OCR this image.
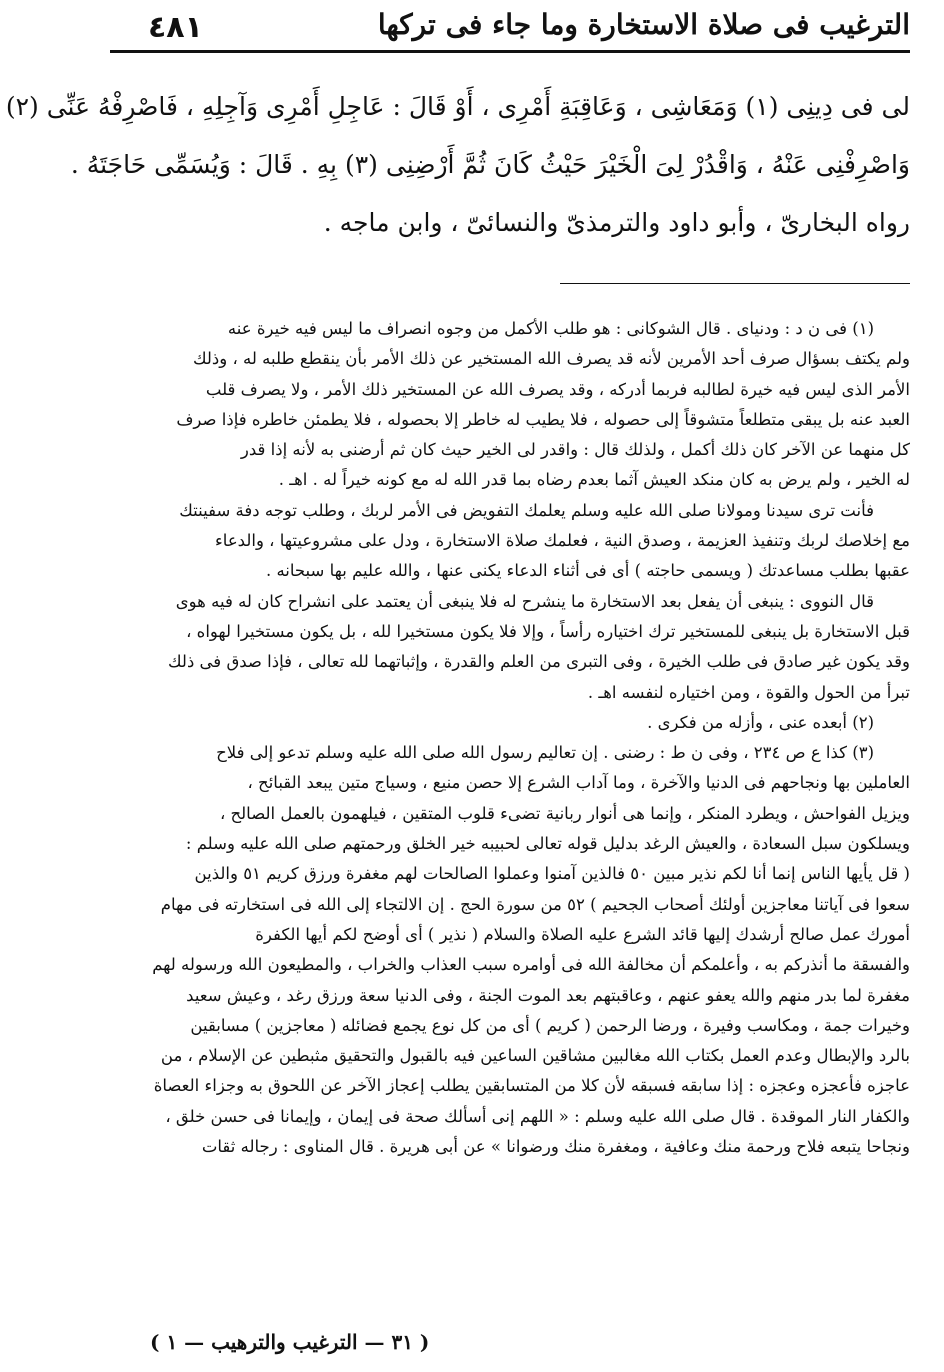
٤٨١	الترغيب فى صلاة الاستخارة وما جاء فى تركها
لى فى دِينِى (١) وَمَعَاشِى ، وَعَاقِبَةِ أَمْرِى ، أَوْ قَالَ : عَاجِلِ أَمْرِى وَآجِلِهِ ، فَاصْرِفْهُ عَنِّى (٢)
وَاصْرِفْنِى عَنْهُ ، وَاقْدُرْ لِىَ الْخَيْرَ حَيْثُ كَانَ ثُمَّ أَرْضِنِى (٣) بِهِ . قَالَ : وَيُسَمِّى حَاجَتَهُ .
رواه البخارىّ ، وأبو داود والترمذىّ والنسائىّ ، وابن ماجه .
(١) فى ن د : ودنياى . قال الشوكانى : هو طلب الأكمل من وجوه انصراف ما ليس فيه خيرة عنه
ولم يكتف بسؤال صرف أحد الأمرين لأنه قد يصرف الله المستخير عن ذلك الأمر بأن ينقطع طلبه له ، وذلك
الأمر الذى ليس فيه خيرة لطالبه فربما أدركه ، وقد يصرف الله عن المستخير ذلك الأمر ، ولا يصرف قلب
العبد عنه بل يبقى متطلعاً متشوقاً إلى حصوله ، فلا يطيب له خاطر إلا بحصوله ، فلا يطمئن خاطره فإذا صرف
كل منهما عن الآخر كان ذلك أكمل ، ولذلك قال : واقدر لى الخير حيث كان ثم أرضنى به لأنه إذا قدر
له الخير ، ولم يرض به كان منكد العيش آثما بعدم رضاه بما قدر الله له مع كونه خيراً له . اهـ .
فأنت ترى سيدنا ومولانا صلى الله عليه وسلم يعلمك التفويض فى الأمر لربك ، وطلب توجه دفة سفينتك
مع إخلاصك لربك وتنفيذ العزيمة ، وصدق النية ، فعلمك صلاة الاستخارة ، ودل على مشروعيتها ، والدعاء
عقبها بطلب مساعدتك ( ويسمى حاجته ) أى فى أثناء الدعاء يكنى عنها ، والله عليم بها سبحانه .
قال النووى : ينبغى أن يفعل بعد الاستخارة ما ينشرح له فلا ينبغى أن يعتمد على انشراح كان له فيه هوى
قبل الاستخارة بل ينبغى للمستخير ترك اختياره رأساً ، وإلا فلا يكون مستخيرا لله ، بل يكون مستخيرا لهواه ،
وقد يكون غير صادق فى طلب الخيرة ، وفى التبرى من العلم والقدرة ، وإثباتهما لله تعالى ، فإذا صدق فى ذلك
تبرأ من الحول والقوة ، ومن اختياره لنفسه اهـ .
(٢) أبعده عنى ، وأزله من فكرى .
(٣) كذا ع ص ٢٣٤ ، وفى ن ط : رضنى . إن تعاليم رسول الله صلى الله عليه وسلم تدعو إلى فلاح
العاملين بها ونجاحهم فى الدنيا والآخرة ، وما آداب الشرع إلا حصن منيع ، وسياج متين يبعد القبائح ،
ويزيل الفواحش ، ويطرد المنكر ، وإنما هى أنوار ربانية تضىء قلوب المتقين ، فيلهمون بالعمل الصالح ،
ويسلكون سبل السعادة ، والعيش الرغد بدليل قوله تعالى لحبيبه خير الخلق ورحمتهم صلى الله عليه وسلم :
( قل يأيها الناس إنما أنا لكم نذير مبين ٥٠ فالذين آمنوا وعملوا الصالحات لهم مغفرة ورزق كريم ٥١ والذين
سعوا فى آياتنا معاجزين أولئك أصحاب الجحيم ) ٥٢ من سورة الحج . إن الالتجاء إلى الله فى استخارته فى مهام
أمورك عمل صالح أرشدك إليها قائد الشرع عليه الصلاة والسلام ( نذير ) أى أوضح لكم أيها الكفرة
والفسقة ما أنذركم به ، وأعلمكم أن مخالفة الله فى أوامره سبب العذاب والخراب ، والمطيعون الله ورسوله لهم
مغفرة لما بدر منهم والله يعفو عنهم ، وعاقبتهم بعد الموت الجنة ، وفى الدنيا سعة ورزق رغد ، وعيش سعيد
وخيرات جمة ، ومكاسب وفيرة ، ورضا الرحمن ( كريم ) أى من كل نوع يجمع فضائله ( معاجزين ) مسابقين
بالرد والإبطال وعدم العمل بكتاب الله مغالبين مشاقين الساعين فيه بالقبول والتحقيق مثبطين عن الإسلام ، من
عاجزه فأعجزه وعجزه : إذا سابقه فسبقه لأن كلا من المتسابقين يطلب إعجاز الآخر عن اللحوق به وجزاء العصاة
والكفار النار الموقدة . قال صلى الله عليه وسلم : « اللهم إنى أسألك صحة فى إيمان ، وإيمانا فى حسن خلق ،
ونجاحا يتبعه فلاح ورحمة منك وعافية ، ومغفرة منك ورضوانا » عن أبى هريرة . قال المناوى : رجاله ثقات
( ٣١ — الترغيب والترهيب — ١ )
